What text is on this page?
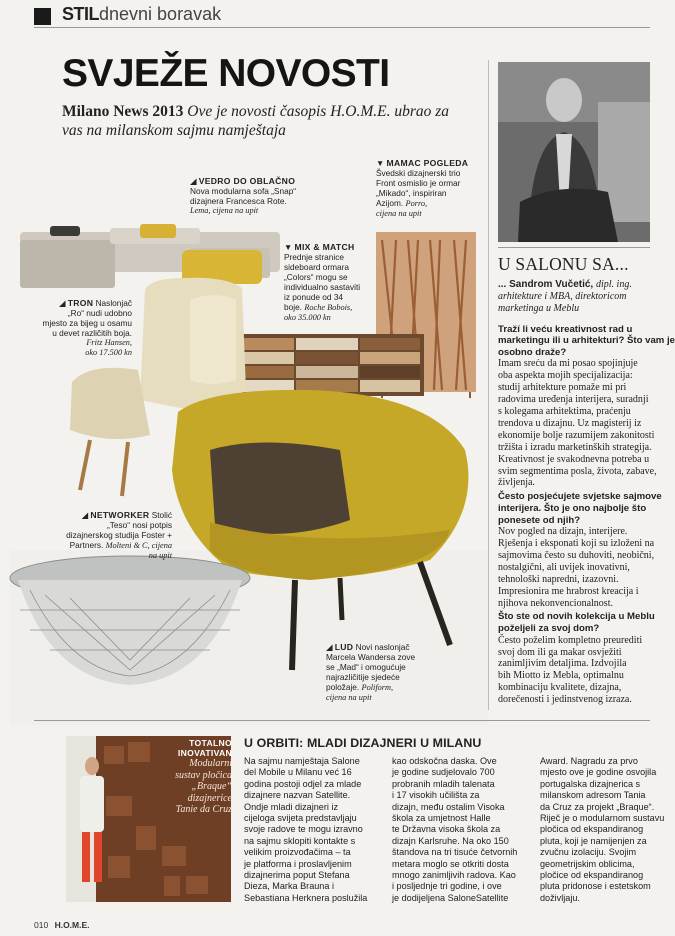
STILdnevni boravak
SVJEŽE NOVOSTI
Milano News 2013 Ove je novosti časopis H.O.M.E. ubrao za vas na milanskom sajmu namještaja
◢ VEDRO DO OBLAČNO
Nova modularna sofa „Snap“
dizajnera Francesca Rote.
Lema, cijena na upit
▼ MAMAC POGLEDA
Švedski dizajnerski trio
Front osmislio je ormar
„Mikado“, inspiriran
Azijom. Porro,
cijena na upit
▼ MIX & MATCH
Prednje stranice
sideboard ormara
„Colors“ mogu se
individualno sastaviti
iz ponude od 34
boje. Roche Bobois,
oko 35.000 kn
◢ TRON Naslonjač
„Ro“ nudi udobno
mjesto za bijeg u osamu
u devet različitih boja.
Fritz Hansen,
oko 17.500 kn
◢ NETWORKER Stolić
„Teso“ nosi potpis
dizajnerskog studija Foster +
Partners. Molteni & C, cijena
na upit
◢ LUD Novi naslonjač
Marcela Wandersa zove
se „Mad“ i omogućuje
najrazličitije sjedeće
položaje. Poliform,
cijena na upit
U SALONU SA...
... Sandrom Vučetić, dipl. ing.
arhitekture i MBA, direktoricom
marketinga u Meblu
Traží li veću kreativnost rad u
marketingu ili u arhitekturi? Što vam je
osobno draže?
Imam sreću da mi posao spojinjuje
oba aspekta mojih specijalizacija:
studij arhitekture pomaže mi pri
radovima uređenja interijera, suradnji
s kolegama arhitektima, praćenju
trendova u dizajnu. Uz magisterij iz
ekonomije bolje razumijem zakonitosti
tržišta i izradu marketinških strategija.
Kreativnost je svakodnevna potreba u
svim segmentima posla, života, zabave,
življenja.
Često posjećujete svjetske sajmove
interijera. Što je ono najbolje što
ponesete od njih?
Nov pogled na dizajn, interijere.
Rješenja i eksponati koji su izloženi na
sajmovima često su duhoviti, neobični,
nostalgični, ali uvijek inovativni,
tehnološki napredni, izazovni.
Impresionira me hrabrost kreacija i
njihova nekonvencionalnost.
Što ste od novih kolekcija u Meblu
poželjeli za svoj dom?
Često poželim kompletno preurediti
svoj dom ili ga makar osvježiti
zanimljivim detaljima. Izdvojila
bih Miotto iz Mebla, optimalnu
kombinaciju kvalitete, dizajna,
dorečenosti i jedinstvenog izraza.
TOTALNO
INOVATIVAN
Modularni
sustav pločica
„Braque“
dizajnerice
Tanie da Cruz
U ORBITI: MLADI DIZAJNERI U MILANU
Na sajmu namještaja Salone
del Mobile u Milanu već 16
godina postoji odjel za mlade
dizajnere nazvan Satellite.
Ondje mladi dizajneri iz
cijeloga svijeta predstavljaju
svoje radove te mogu izravno
na sajmu sklopiti kontakte s
velikim proizvođačima – ta
je platforma i proslavljenim
dizajnerima poput Stefana
Dieza, Marka Brauna i
Sebastiana Herknera poslužila
kao odskočna daska. Ove
je godine sudjelovalo 700
probranih mladih talenata
i 17 visokih učilišta za
dizajn, među ostalim Visoka
škola za umjetnost Halle
te Državna visoka škola za
dizajn Karlsruhe. Na oko 150
štandova na tri tisuće četvornih
metara moglo se otkriti dosta
mnogo zanimljivih radova. Kao
i posljednje tri godine, i ove
je dodijeljena SaloneSatellite
Award. Nagradu za prvo
mjesto ove je godine osvojila
portugalska dizajnerica s
milanskom adresom Tania
da Cruz za projekt „Braque“.
Riječ je o modularnom sustavu
pločica od ekspandiranog
pluta, koji je namijenjen za
zvučnu izolaciju. Svojim
geometrijskim oblicima,
pločice od ekspandiranog
pluta pridonose i estetskom
doživljaju.
010 H.O.M.E.
